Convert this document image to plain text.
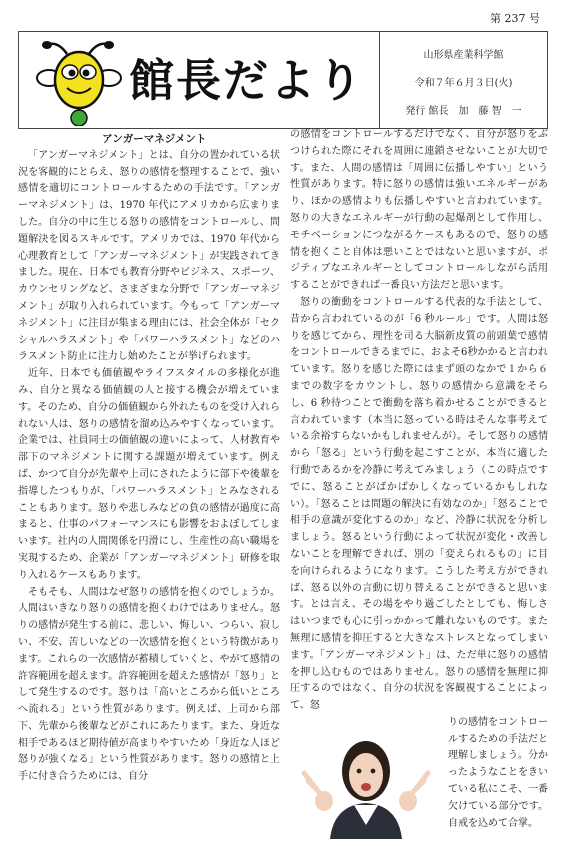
第 237 号
館長だより	山形県産業科学館
令和７年６月３日(火)
発行 館長　加　藤 智　一

アンガーマネジメント

「アンガーマネジメント」とは、自分の置かれている状況を客観的にとらえ、怒りの感情を整理することで、強い感情を適切にコントロールするための手法です。「アンガーマネジメント」は、1970 年代にアメリカから広まりました。自分の中に生じる怒りの感情をコントロールし、問題解決を図るスキルです。アメリカでは、1970 年代から心理教育として「アンガーマネジメント」が実践されてきました。現在、日本でも教育分野やビジネス、スポーツ、カウンセリングなど、さまざまな分野で「アンガーマネジメント」が取り入れられています。今もって「アンガーマネジメント」に注目が集まる理由には、社会全体が「セクシャルハラスメント」や「パワーハラスメント」などのハラスメント防止に注力し始めたことが挙げられます。

近年、日本でも価値観やライフスタイルの多様化が進み、自分と異なる価値観の人と接する機会が増えています。そのため、自分の価値観から外れたものを受け入れられない人は、怒りの感情を溜め込みやすくなっています。企業では、社員同士の価値観の違いによって、人材教育や部下のマネジメントに関する課題が増えています。例えば、かつて自分が先輩や上司にされたように部下や後輩を指導したつもりが、「パワーハラスメント」とみなされることもあります。怒りや悲しみなどの負の感情が過度に高まると、仕事のパフォーマンスにも影響をおよぼしてしまいます。社内の人間関係を円滑にし、生産性の高い職場を実現するため、企業が「アンガーマネジメント」研修を取り入れるケースもあります。

そもそも、人間はなぜ怒りの感情を抱くのでしょうか。人間はいきなり怒りの感情を抱くわけではありません。怒りの感情が発生する前に、悲しい、悔しい、つらい、寂しい、不安、苦しいなどの一次感情を抱くという特徴があります。これらの一次感情が蓄積していくと、やがて感情の許容範囲を超えます。許容範囲を超えた感情が「怒り」として発生するのです。怒りは「高いところから低いところへ流れる」という性質があります。例えば、上司から部下、先輩から後輩などがこれにあたります。また、身近な相手であるほど期待値が高まりやすいため「身近な人ほど怒りが強くなる」という性質があります。怒りの感情と上手に付き合うためには、自分

の感情をコントロールするだけでなく、自分が怒りをぶつけられた際にそれを周囲に連鎖させないことが大切です。また、人間の感情は「周囲に伝播しやすい」という性質があります。特に怒りの感情は強いエネルギーがあり、ほかの感情よりも伝播しやすいと言われています。怒りの大きなエネルギーが行動の起爆剤として作用し、モチベーションにつながるケースもあるので、怒りの感情を抱くこと自体は悪いことではないと思いますが、ポジティブなエネルギーとしてコントロールしながら活用することができれば一番良い方法だと思います。

怒りの衝動をコントロールする代表的な手法として、昔から言われているのが「6 秒ルール」です。人間は怒りを感じてから、理性を司る大脳新皮質の前頭葉で感情をコントロールできるまでに、およそ6秒かかると言われています。怒りを感じた際にはまず頭のなかで１から６までの数字をカウントし、怒りの感情から意識をそらし、6 秒待つことで衝動を落ち着かせることができると言われています（本当に怒っている時はそんな事考えている余裕すらないかもしれませんが）。そして怒りの感情から「怒る」という行動を起こすことが、本当に適した行動であるかを冷静に考えてみましょう（この時点ですでに、怒ることがばかばかしくなっているかもしれない）。「怒ることは問題の解決に有効なのか」「怒ることで相手の意識が変化するのか」など、冷静に状況を分析しましょう。怒るという行動によって状況が変化・改善しないことを理解できれば、別の「変えられるもの」に目を向けられるようになります。こうした考え方ができれば、怒る以外の言動に切り替えることができると思います。とは言え、その場をやり過ごしたとしても、悔しさはいつまでも心に引っかかって離れないものです。また無理に感情を抑圧すると大きなストレスとなってしまいます。「アンガーマネジメント」は、ただ単に怒りの感情を押し込むものではありません。怒りの感情を無理に抑圧するのではなく、自分の状況を客観視することによって、怒

りの感情をコントロールするための手法だと理解しましょう。分かったようなことをきいている私にこそ、一番欠けている部分です。自戒を込めて合掌。
